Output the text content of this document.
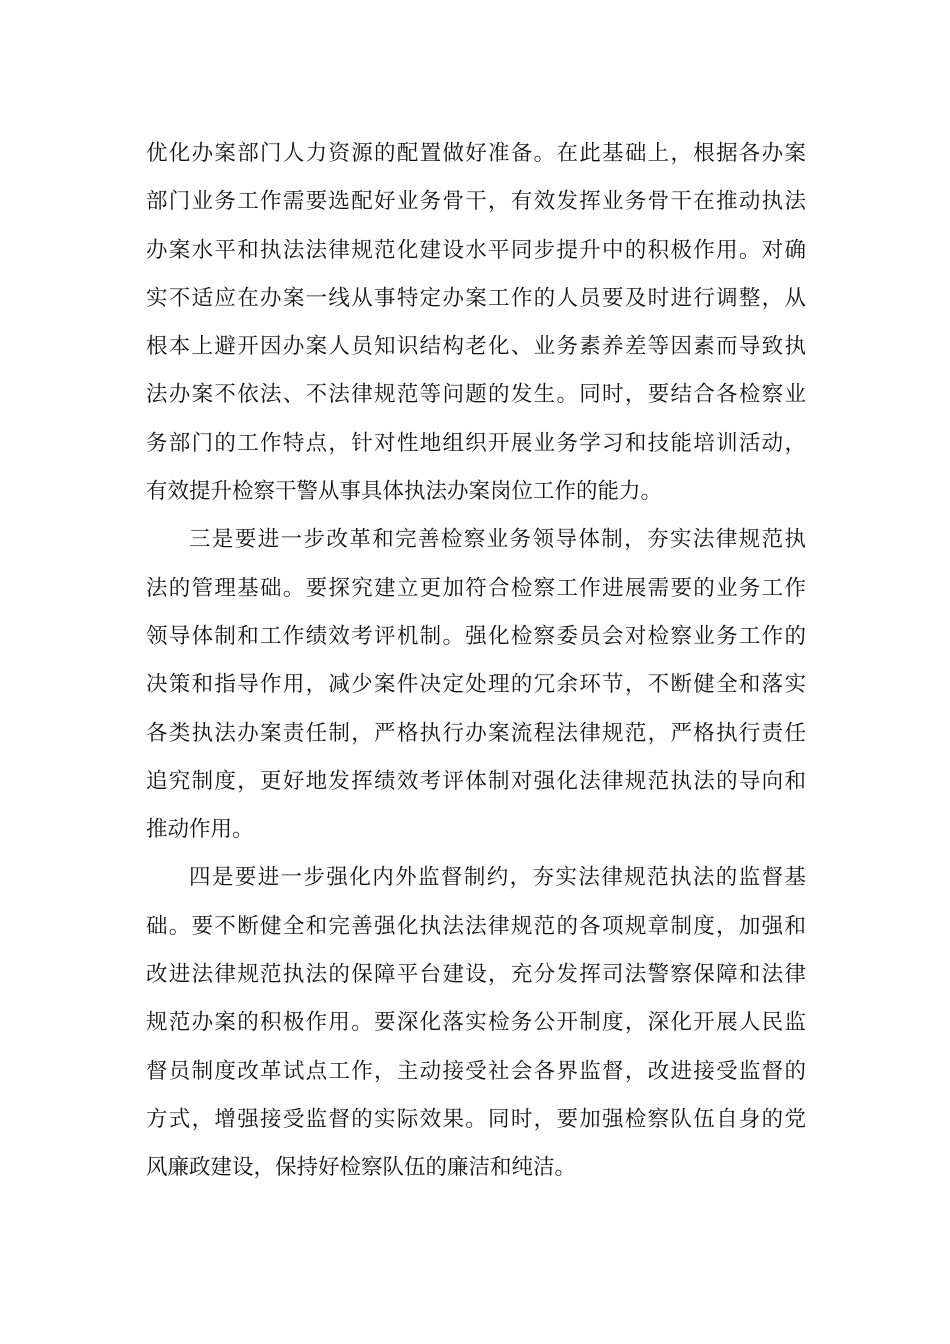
优化办案部门人力资源的配置做好准备。在此基础上，根据各办案
部门业务工作需要选配好业务骨干，有效发挥业务骨干在推动执法
办案水平和执法法律规范化建设水平同步提升中的积极作用。对确
实不适应在办案一线从事特定办案工作的人员要及时进行调整，从
根本上避开因办案人员知识结构老化、业务素养差等因素而导致执
法办案不依法、不法律规范等问题的发生。同时，要结合各检察业
务部门的工作特点，针对性地组织开展业务学习和技能培训活动，
有效提升检察干警从事具体执法办案岗位工作的能力。
三是要进一步改革和完善检察业务领导体制，夯实法律规范执
法的管理基础。要探究建立更加符合检察工作进展需要的业务工作
领导体制和工作绩效考评机制。强化检察委员会对检察业务工作的
决策和指导作用，减少案件决定处理的冗余环节，不断健全和落实
各类执法办案责任制，严格执行办案流程法律规范，严格执行责任
追究制度，更好地发挥绩效考评体制对强化法律规范执法的导向和
推动作用。
四是要进一步强化内外监督制约，夯实法律规范执法的监督基
础。要不断健全和完善强化执法法律规范的各项规章制度，加强和
改进法律规范执法的保障平台建设，充分发挥司法警察保障和法律
规范办案的积极作用。要深化落实检务公开制度，深化开展人民监
督员制度改革试点工作，主动接受社会各界监督，改进接受监督的
方式，增强接受监督的实际效果。同时，要加强检察队伍自身的党
风廉政建设，保持好检察队伍的廉洁和纯洁。
